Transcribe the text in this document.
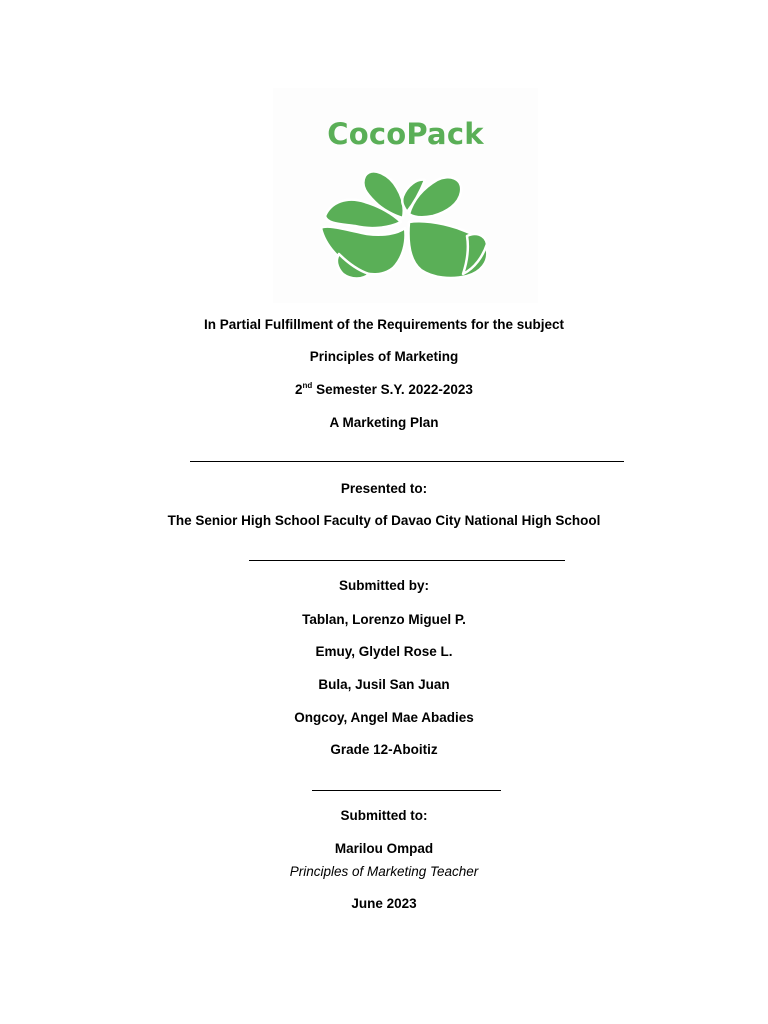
CocoPack
In Partial Fulfillment of the Requirements for the subject
Principles of Marketing
2nd Semester S.Y. 2022-2023
A Marketing Plan
Presented to:
The Senior High School Faculty of Davao City National High School
Submitted by:
Tablan, Lorenzo Miguel P.
Emuy, Glydel Rose L.
Bula, Jusil San Juan
Ongcoy, Angel Mae Abadies
Grade 12-Aboitiz
Submitted to:
Marilou Ompad
Principles of Marketing Teacher
June 2023
